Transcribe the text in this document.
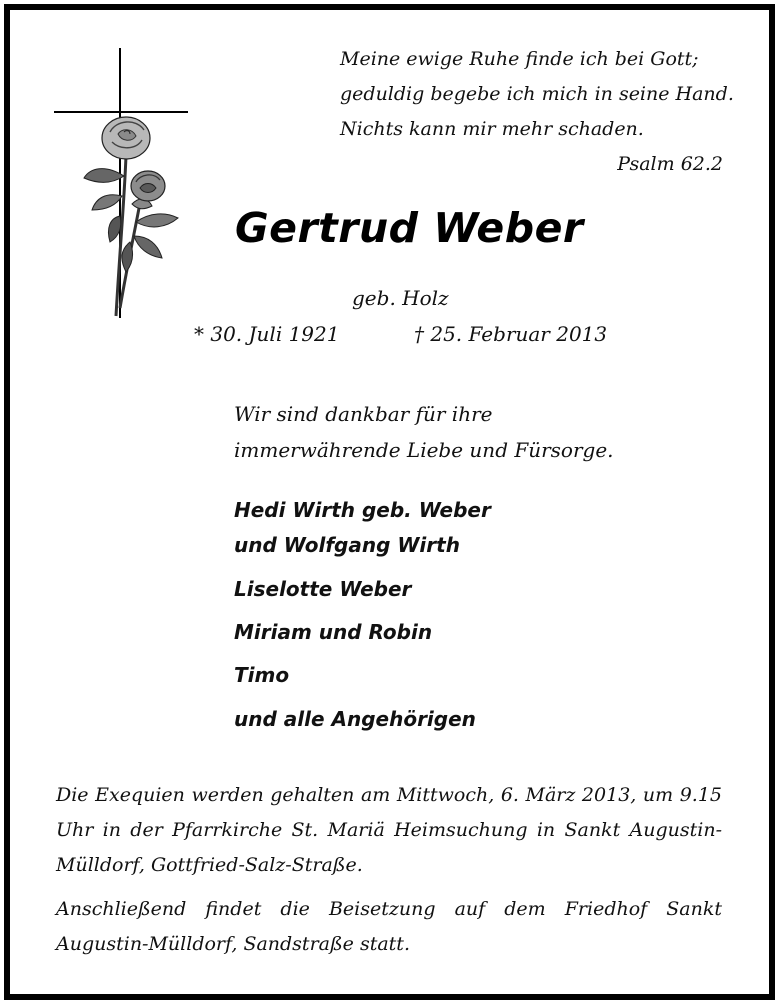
Meine ewige Ruhe finde ich bei Gott;
geduldig begebe ich mich in seine Hand.
Nichts kann mir mehr schaden.
Psalm 62.2
Gertrud Weber
geb. Holz
* 30. Juli 1921	† 25. Februar 2013
Wir sind dankbar für ihre
immerwährende Liebe und Fürsorge.
Hedi Wirth geb. Weber
und Wolfgang Wirth
Liselotte Weber
Miriam und Robin
Timo
und alle Angehörigen
Die Exequien werden gehalten am Mittwoch, 6. März 2013, um 9.15 Uhr in der Pfarrkirche St. Mariä Heimsuchung in Sankt Augustin-Mülldorf, Gottfried-Salz-Straße.
Anschließend findet die Beisetzung auf dem Friedhof Sankt Augustin-Mülldorf, Sandstraße statt.
